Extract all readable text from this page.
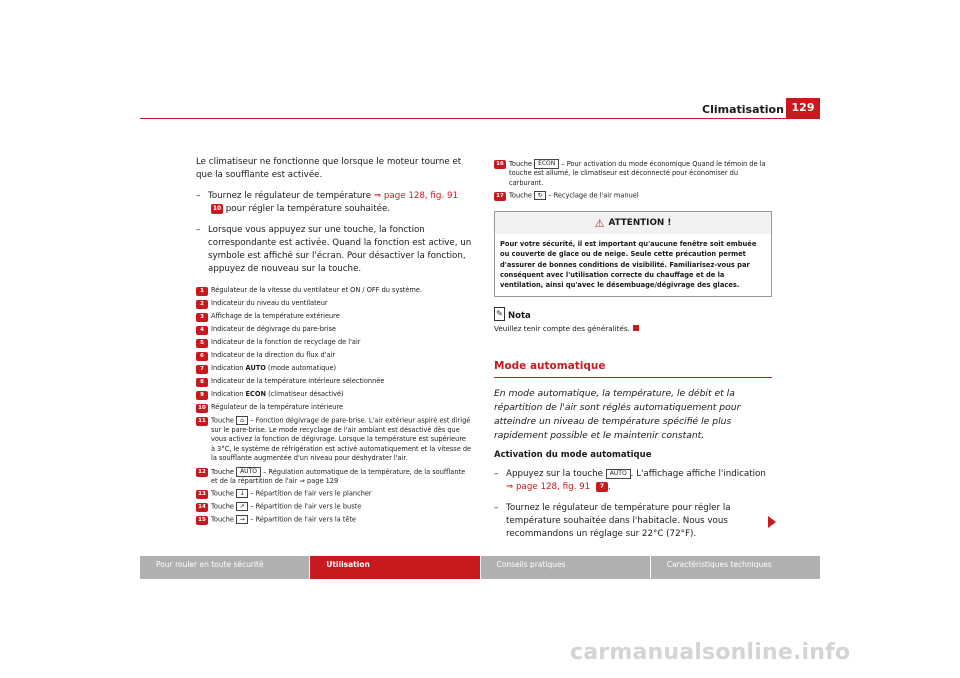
Climatisation 129
Le climatiseur ne fonctionne que lorsque le moteur tourne et que la soufflante est activée.
– Tournez le régulateur de température ⇒ page 128, fig. 91 10 pour régler la température souhaitée.
– Lorsque vous appuyez sur une touche, la fonction correspondante est activée. Quand la fonction est active, un symbole est affiché sur l'écran. Pour désactiver la fonction, appuyez de nouveau sur la touche.
1	Régulateur de la vitesse du ventilateur et ON / OFF du système.
2	Indicateur du niveau du ventilateur
3	Affichage de la température extérieure
4	Indicateur de dégivrage du pare-brise
5	Indicateur de la fonction de recyclage de l'air
6	Indicateur de la direction du flux d'air
7	Indication AUTO (mode automatique)
8	Indicateur de la température intérieure sélectionnée
9	Indication ECON (climatiseur désactivé)
10 Régulateur de la température intérieure
11 Touche ⌂ – Fonction dégivrage de pare-brise. L'air extérieur aspiré est dirigé sur le pare-brise. Le mode recyclage de l'air ambiant est désactivé dès que vous activez la fonction de dégivrage. Lorsque la température est supérieure à 3°C, le système de réfrigération est activé automatiquement et la vitesse de la soufflante augmentée d'un niveau pour déshydrater l'air.
12 Touche AUTO – Régulation automatique de la température, de la soufflante et de la répartition de l'air ⇒ page 129
13 Touche ↓ – Répartition de l'air vers le plancher
14 Touche ↗ – Répartition de l'air vers le buste
15 Touche → – Répartition de l'air vers la tête
16 Touche ECON – Pour activation du mode économique Quand le témoin de la touche est allumé, le climatiseur est déconnecté pour économiser du carburant.
17 Touche ↻ – Recyclage de l'air manuel
⚠ ATTENTION !
Pour votre sécurité, il est important qu'aucune fenêtre soit embuée ou couverte de glace ou de neige. Seule cette précaution permet d'assurer de bonnes conditions de visibilité. Familiarisez-vous par conséquent avec l'utilisation correcte du chauffage et de la ventilation, ainsi qu'avec le désembuage/dégivrage des glaces.
✎ Nota
Veuillez tenir compte des généralités.
Mode automatique
En mode automatique, la température, le débit et la répartition de l'air sont réglés automatiquement pour atteindre un niveau de température spécifié le plus rapidement possible et le maintenir constant.
Activation du mode automatique
– Appuyez sur la touche AUTO . L'affichage affiche l'indication
⇒ page 128, fig. 91 7 .
– Tournez le régulateur de température pour régler la température souhaitée dans l'habitacle. Nous vous recommandons un réglage sur 22°C (72°F).
Pour rouler en toute sécurité	Utilisation	Conseils pratiques	Caractéristiques techniques
carmanualsonline.info
